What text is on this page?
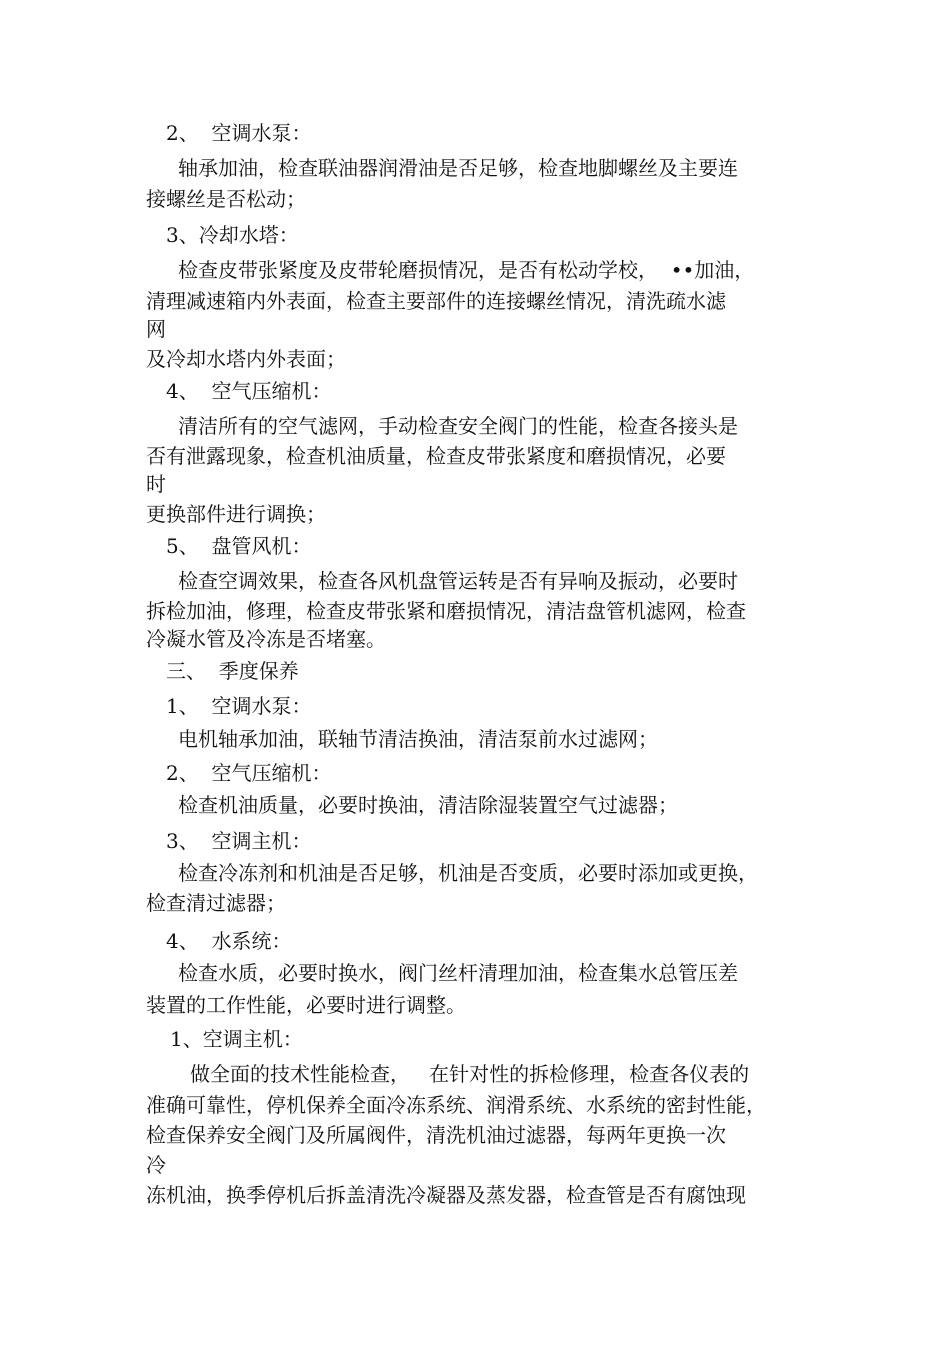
2、  空调水泵：

轴承加油，检查联油器润滑油是否足够，检查地脚螺丝及主要连

接螺丝是否松动；

3、冷却水塔：

检查皮带张紧度及皮带轮磨损情况，是否有松动学校，  ••加油，

清理减速箱内外表面，检查主要部件的连接螺丝情况，清洗疏水滤

网

及冷却水塔内外表面；

4、  空气压缩机：

清洁所有的空气滤网，手动检查安全阀门的性能，检查各接头是

否有泄露现象，检查机油质量，检查皮带张紧度和磨损情况，必要

时

更换部件进行调换；

5、  盘管风机：

检查空调效果，检查各风机盘管运转是否有异响及振动，必要时

拆检加油，修理，检查皮带张紧和磨损情况，清洁盘管机滤网，检查

冷凝水管及冷冻是否堵塞。

三、  季度保养

1、  空调水泵：

电机轴承加油，联轴节清洁换油，清洁泵前水过滤网；

2、  空气压缩机：

检查机油质量，必要时换油，清洁除湿装置空气过滤器；

3、  空调主机：

检查冷冻剂和机油是否足够，机油是否变质，必要时添加或更换，

检查清过滤器；

4、  水系统：

检查水质，必要时换水，阀门丝杆清理加油，检查集水总管压差

装置的工作性能，必要时进行调整。

1、空调主机：

做全面的技术性能检查，   在针对性的拆检修理，检查各仪表的

准确可靠性，停机保养全面冷冻系统、润滑系统、水系统的密封性能，

检查保养安全阀门及所属阀件，清洗机油过滤器，每两年更换一次

冷

冻机油，换季停机后拆盖清洗冷凝器及蒸发器，检查管是否有腐蚀现
